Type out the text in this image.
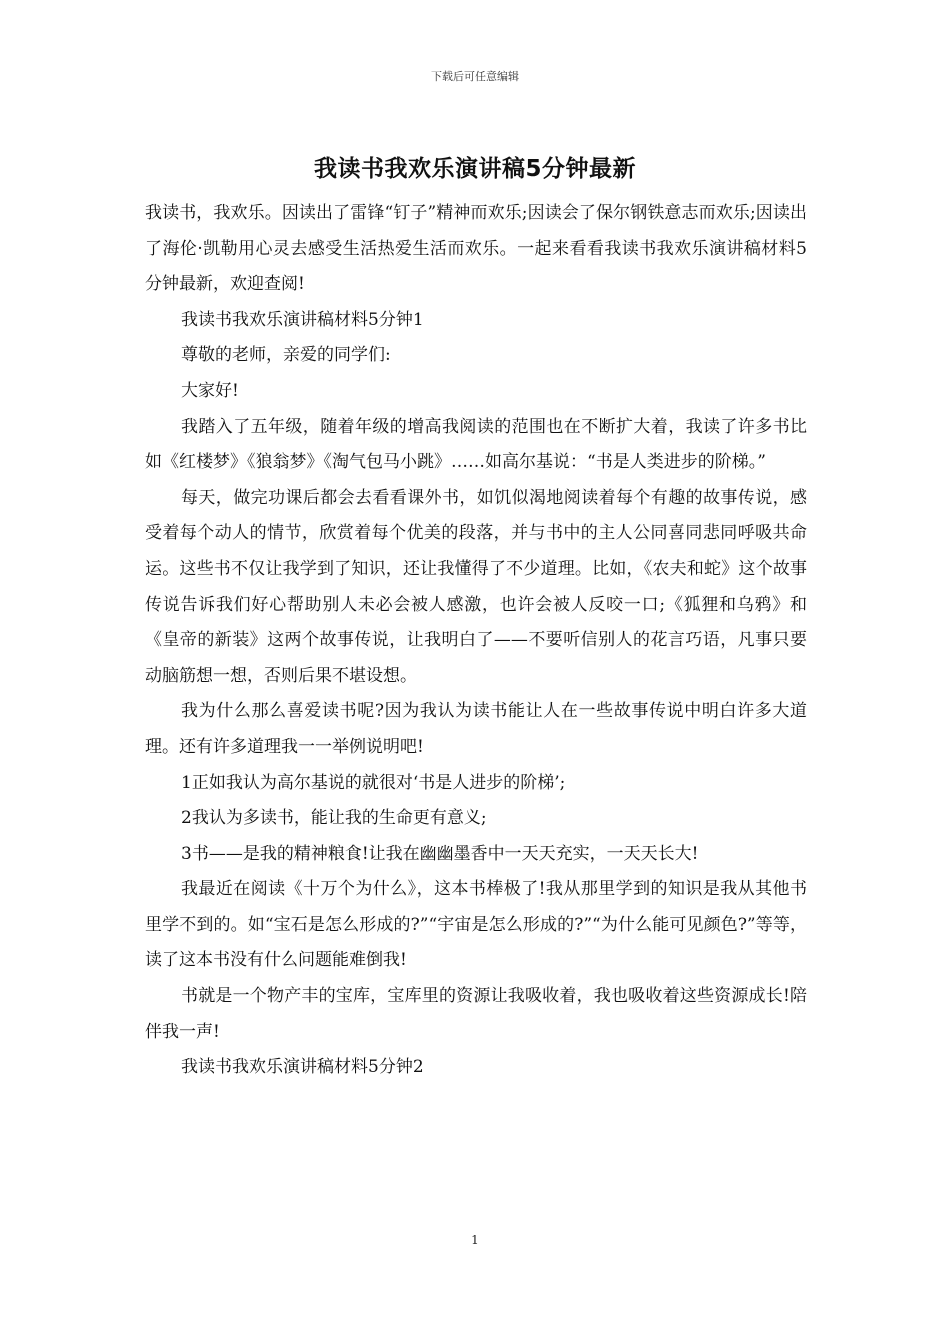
下载后可任意编辑
我读书我欢乐演讲稿5分钟最新

我读书，我欢乐。因读出了雷锋“钉子”精神而欢乐;因读会了保尔钢铁意志而欢乐;因读出了海伦·凯勒用心灵去感受生活热爱生活而欢乐。一起来看看我读书我欢乐演讲稿材料5分钟最新，欢迎查阅!

我读书我欢乐演讲稿材料5分钟1

尊敬的老师，亲爱的同学们:

大家好!

我踏入了五年级，随着年级的增高我阅读的范围也在不断扩大着，我读了许多书比如《红楼梦》《狼翁梦》《淘气包马小跳》……如高尔基说：“书是人类进步的阶梯。”

每天，做完功课后都会去看看课外书，如饥似渴地阅读着每个有趣的故事传说，感受着每个动人的情节，欣赏着每个优美的段落，并与书中的主人公同喜同悲同呼吸共命运。这些书不仅让我学到了知识，还让我懂得了不少道理。比如，《农夫和蛇》这个故事传说告诉我们好心帮助别人未必会被人感激，也许会被人反咬一口;《狐狸和乌鸦》和《皇帝的新装》这两个故事传说，让我明白了——不要听信别人的花言巧语，凡事只要动脑筋想一想，否则后果不堪设想。

我为什么那么喜爱读书呢?因为我认为读书能让人在一些故事传说中明白许多大道理。还有许多道理我一一举例说明吧!

1正如我认为高尔基说的就很对‘书是人进步的阶梯’;

2我认为多读书，能让我的生命更有意义;

3书——是我的精神粮食!让我在幽幽墨香中一天天充实，一天天长大!

我最近在阅读《十万个为什么》，这本书棒极了!我从那里学到的知识是我从其他书里学不到的。如“宝石是怎么形成的?”“宇宙是怎么形成的?”“为什么能可见颜色?”等等，读了这本书没有什么问题能难倒我!

书就是一个物产丰的宝库，宝库里的资源让我吸收着，我也吸收着这些资源成长!陪伴我一声!

我读书我欢乐演讲稿材料5分钟2

1
